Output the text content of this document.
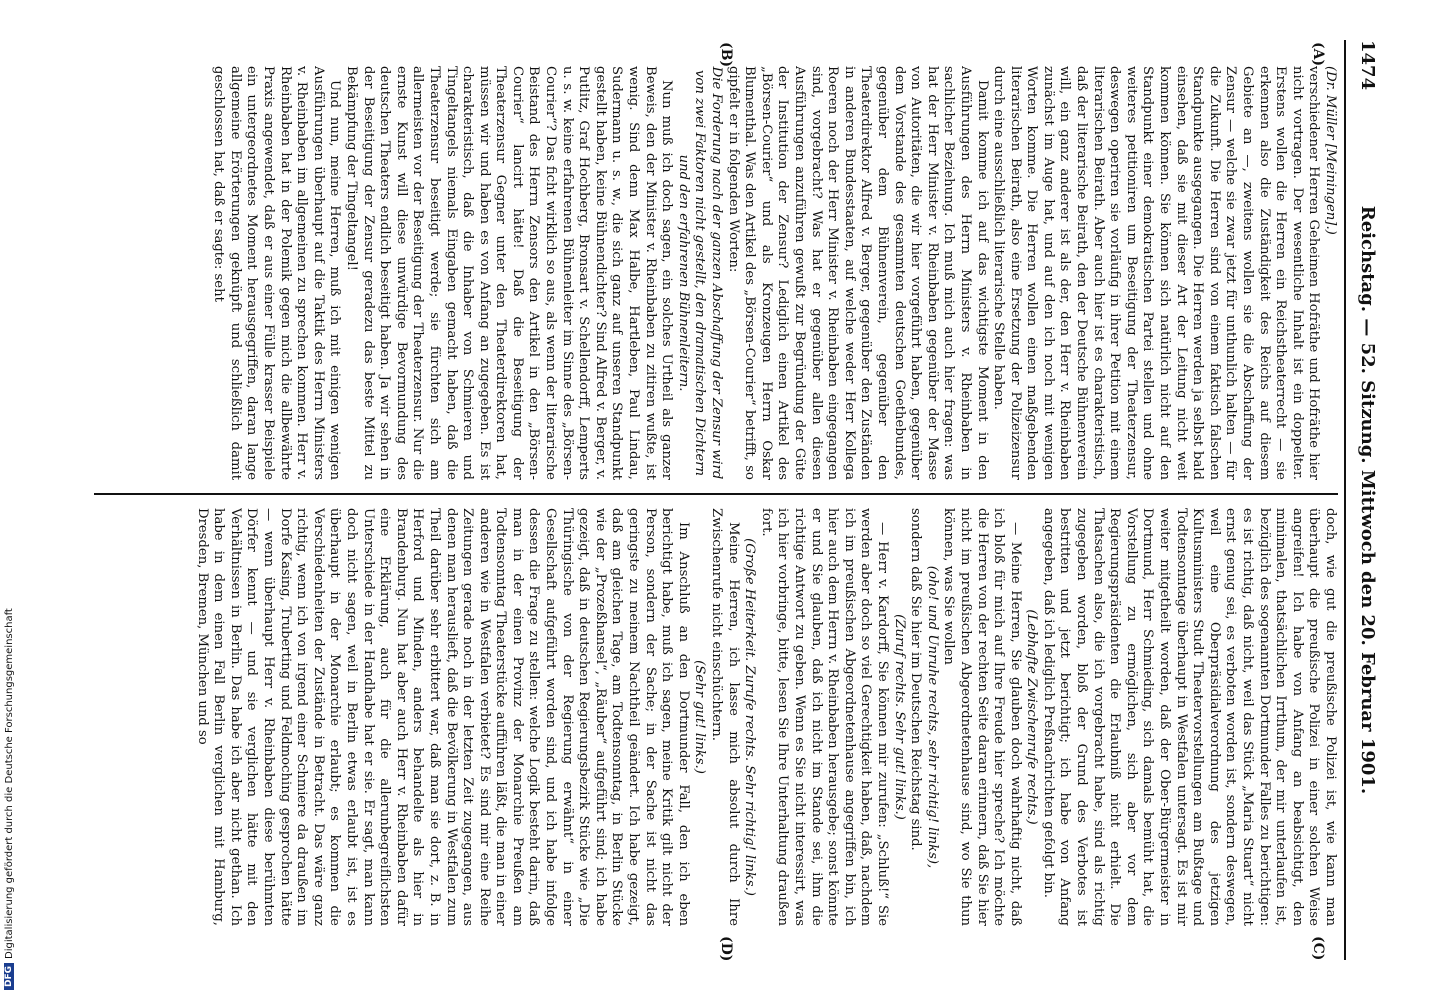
1474
Reichstag. — 52. Sitzung. Mittwoch den 20. Februar 1901.
(A)
(B)
(C)
(D)

(Dr. Müller [Meiningen].)

verschiedener Herren Geheimen Hofräthe und Hofräthe hier nicht vortragen. Der wesentliche Inhalt ist ein doppelter. Erstens wollen die Herren ein Reichstheaterrecht — sie erkennen also die Zuständigkeit des Reichs auf diesem Gebiete an —, zweitens wollen sie die Abschaffung der Zensur — welche sie zwar jetzt für unthunlich halten — für die Zukunft. Die Herren sind von einem faktisch falschen Standpunkte ausgegangen. Die Herren werden ja selbst bald einsehen, daß sie mit dieser Art der Leitung nicht weit kommen können. Sie können sich natürlich nicht auf den Standpunkt einer demokratischen Partei stellen und ohne weiteres petitioniren um Beseitigung der Theaterzensur, deswegen operiren sie vorläufig in ihrer Petition mit einem literarischen Beirath. Aber auch hier ist es charakteristisch, daß der literarische Beirath, den der Deutsche Bühnenverein will, ein ganz anderer ist als der, den Herr v. Rheinbaben zunächst im Auge hat, und auf den ich noch mit wenigen Worten komme. Die Herren wollen einen maßgebenden literarischen Beirath, also eine Ersetzung der Polizeizensur durch eine ausschließlich literarische Stelle haben.

Damit komme ich auf das wichtigste Moment in den Ausführungen des Herrn Ministers v. Rheinbaben in sachlicher Beziehung. Ich muß mich auch hier fragen: was hat der Herr Minister v. Rheinbaben gegenüber der Masse von Autoritäten, die wir hier vorgeführt haben, gegenüber dem Vorstande des gesammten deutschen Goethebundes, gegenüber dem Bühnenverein, gegenüber den Theaterdirektor Alfred v. Berger, gegenüber den Zuständen in anderen Bundesstaaten, auf welche weder Herr Kollega Roeren noch der Herr Minister v. Rheinbaben eingegangen sind, vorgebracht? Was hat er gegenüber allen diesen Ausführungen anzuführen gewußt zur Begründung der Güte der Institution der Zensur? Lediglich einen Artikel des „Börsen-Courier“ und als Kronzeugen Herrn Oskar Blumenthal. Was den Artikel des „Börsen-Courier“ betrifft, so gipfelt er in folgenden Worten:

Die Forderung nach der ganzen Abschaffung der Zensur wird von zwei Faktoren nicht gestellt, den dramatischen Dichtern und den erfahrenen Bühnenleitern.

Nun muß ich doch sagen, ein solches Urtheil als ganzer Beweis, den der Minister v. Rheinbaben zu zitiren wußte, ist wenig. Sind denn Max Halbe, Hartleben, Paul Lindau, Sudermann u. s. w., die sich ganz auf unseren Standpunkt gestellt haben, keine Bühnendichter? Sind Alfred v. Berger, v. Putlitz, Graf Hochberg, Bronsart v. Schellendorff, Lemperts u. s. w. keine erfahrenen Bühnenleiter im Sinne des „Börsen-Courier“? Das ficht wirklich so aus, als wenn der literarische Beistand des Herrn Zensors den Artikel in den „Börsen-Courier“ lancirt hätte! Daß die Beseitigung der Theaterzensur Gegner unter den Theaterdirektoren hat, müssen wir und haben es von Anfang an zugegeben. Es ist charakteristisch, daß die Inhaber von Schmieren und Tingeltangels niemals Eingaben gemacht haben, daß die Theaterzensur beseitigt werde; sie fürchten sich am allermeisten vor der Beseitigung der Theaterzensur. Nur die ernste Kunst will diese unwürdige Bevormundung des deutschen Theaters endlich beseitigt haben. Ja wir sehen in der Beseitigung der Zensur geradezu das beste Mittel zu Bekämpfung der Tingeltangel!

Und nun, meine Herren, muß ich mit einigen wenigen Ausführungen überhaupt auf die Taktik des Herrn Ministers v. Rheinbaben im allgemeinen zu sprechen kommen. Herr v. Rheinbaben hat in der Polemik gegen mich die allbewährte Praxis angewendet, daß er aus einer Fülle krasser Beispiele ein untergeordnetes Moment herausgegriffen, daran lange allgemeine Erörterungen geknüpft und schließlich damit geschlossen hat, daß er sagte: seht

doch, wie gut die preußische Polizei ist, wie kann man überhaupt die preußische Polizei in einer solchen Weise angreifen! Ich habe von Anfang an beabsichtigt, den minimalen, thatsächlichen Irrthum, der mir unterlaufen ist, bezüglich des sogenannten Dortmunder Falles zu berichtigen: es ist richtig, daß nicht, weil das Stück „Maria Stuart“ nicht ernst genug sei, es verboten worden ist, sondern deswegen, weil eine Oberpräsidialverordnung des jetzigen Kultusministers Studt Theatervorstellungen am Bußtage und Todtensonntage überhaupt in Westfalen untersagt. Es ist mir weiter mitgetheilt worden, daß der Ober-Bürgermeister in Dortmund, Herr Schmieding, sich damals bemüht hat, die Vorstellung zu ermöglichen, sich aber vor dem Regierungspräsidenten die Erlaubniß nicht erhielt. Die Thatsachen also, die ich vorgebracht habe, sind als richtig zugegeben worden, bloß der Grund des Verbotes ist bestritten und jetzt berichtigt; ich habe von Anfang angegeben, daß ich lediglich Preßnachrichten gefolgt bin.

(Lebhafte Zwischenrufe rechts.)

— Meine Herren, Sie glauben doch wahrhaftig nicht, daß ich bloß für mich auf Ihre Freude hier spreche? Ich möchte die Herren von der rechten Seite daran erinnern, daß Sie hier nicht im preußischen Abgeordnetenhause sind, wo Sie thun können, was Sie wollen

(oho! und Unruhe rechts, sehr richtig! links),

sondern daß Sie hier im Deutschen Reichstag sind.

(Zuruf rechts. Sehr gut! links.)

— Herr v. Kardorff, Sie können mir zurufen: „Schluß!“ Sie werden aber doch so viel Gerechtigkeit haben, daß, nachdem ich im preußischen Abgeordnetenhause angegriffen bin, ich hier auch dem Herrn v. Rheinbaben herausgebe; sonst könnte er und Sie glauben, daß ich nicht im Stande sei, ihm die richtige Antwort zu geben. Wenn es Sie nicht interessirt, was ich hier vorbringe, bitte, lesen Sie Ihre Unterhaltung draußen fort.

(Große Heiterkeit. Zurufe rechts. Sehr richtig! links.)

Meine Herren, ich lasse mich absolut durch Ihre Zwischenrufe nicht einschüchtern.

(Sehr gut! links.)

Im Anschluß an den Dortmunder Fall, den ich eben berichtigt habe, muß ich sagen, meine Kritik gilt nicht der Person, sondern der Sache; in der Sache ist nicht das geringste zu meinem Nachtheil geändert. Ich habe gezeigt, daß am gleichen Tage, am Todtensonntag, in Berlin Stücke wie der „Prozeßhansel“, „Räuber“ aufgeführt sind; ich habe gezeigt, daß in deutschen Regierungsbezirk Stücke wie „Die Thüringische von der Regierung erwähnt“ in einer Gesellschaft aufgeführt worden sind, und ich habe infolge dessen die Frage zu stellen: welche Logik besteht darin, daß man in der einen Provinz der Monarchie Preußen am Todtensonntag Theaterstücke aufführen läßt, die man in einer anderen wie in Westfalen verbietet? Es sind mir eine Reihe Zeitungen gerade noch in der letzten Zeit zugegangen, aus denen man herauslieft, daß die Bevölkerung in Westfalen zum Theil darüber sehr erbittert war, daß man sie dort, z. B. in Herford und Minden, anders behandelte als hier in Brandenburg. Nun hat aber auch Herr v. Rheinbaben dafür eine Erklärung, auch für die allerunbegreiflichsten Unterschiede in der Handhabe hat er sie. Er sagt, man kann doch nicht sagen, weil in Berlin etwas erlaubt ist, ist es überhaupt in der Monarchie erlaubt; es kommen die Verschiedenheiten der Zustände in Betracht. Das wäre ganz richtig, wenn ich von irgend einer Schmiere da draußen im Dorfe Kasing, Truberting und Feldmoching gesprochen hätte — wenn überhaupt Herr v. Rheinbaben diese berühmten Dörfer kennt — und sie verglichen hätte mit den Verhältnissen in Berlin. Das habe ich aber nicht gethan. Ich habe in dem einen Fall Berlin verglichen mit Hamburg, Dresden, Bremen, München und so

DFGDigitalisierung gefördert durch die Deutsche Forschungsgemeinschaft
